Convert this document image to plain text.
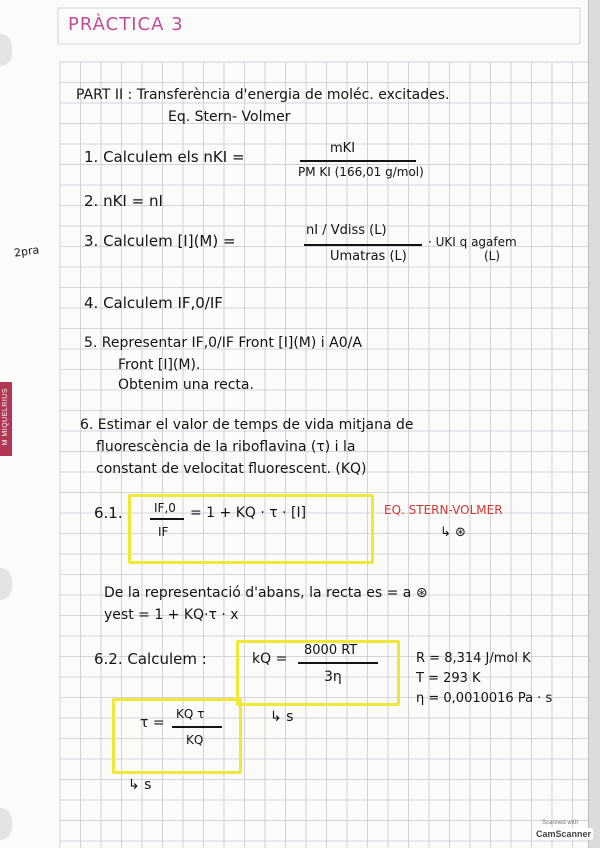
PRÀCTICA 3
2pra
M MIQUELRIUS
PART II : Transferència d'energia de moléc. excitades.
Eq. Stern- Volmer
1. Calculem els nKI =	mKI
PM KI (166,01 g/mol)
2. nKI = nI
3. Calculem [I](M) =
nI / Vdiss (L)
Umatras (L)
· UKI q agafem
(L)
4. Calculem IF,0/IF
5. Representar IF,0/IF Front [I](M) i A0/A
Front [I](M).
Obtenim una recta.
6. Estimar el valor de temps de vida mitjana de
fluorescència de la riboflavina (τ) i la
constant de velocitat fluorescent. (KQ)
6.1.	IF,0
IF
= 1 + KQ · τ · [I]	EQ. STERN-VOLMER
↳ ⊛
De la representació d'abans, la recta es = a ⊛
yest = 1 + KQ·τ · x
6.2. Calculem :	kQ =
8000 RT
3η
R = 8,314 J/mol K
T = 293 K
η = 0,0010016 Pa · s
τ =
KQ τ
KQ
↳ s
↳ s
Scanned with
CamScanner
